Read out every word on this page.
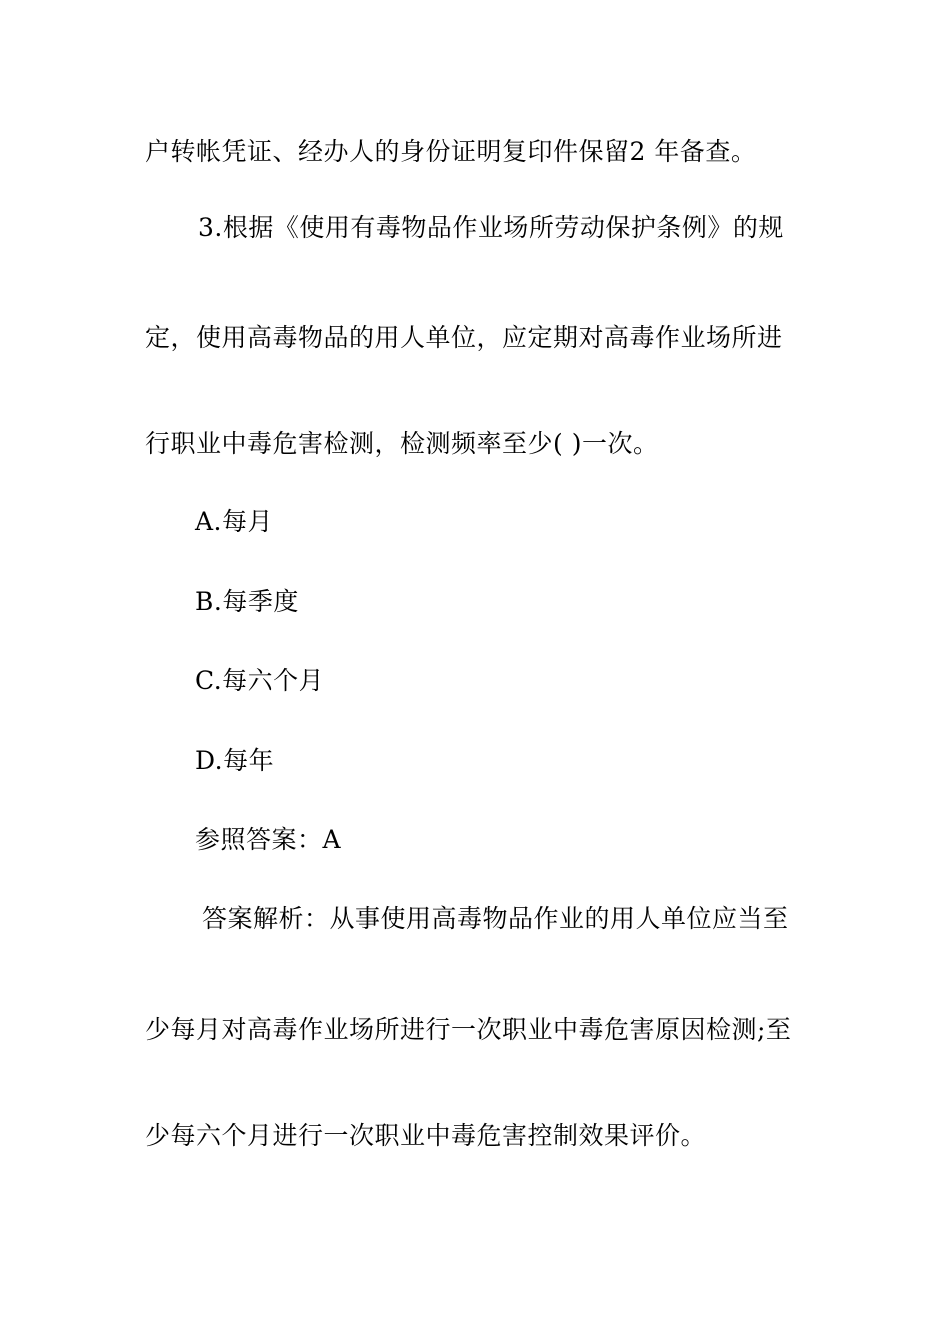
户转帐凭证、经办人的身份证明复印件保留2 年备查。
3.根据《使用有毒物品作业场所劳动保护条例》的规
定，使用高毒物品的用人单位，应定期对高毒作业场所进
行职业中毒危害检测，检测频率至少( )一次。
A.每月
B.每季度
C.每六个月
D.每年
参照答案：A
答案解析：从事使用高毒物品作业的用人单位应当至
少每月对高毒作业场所进行一次职业中毒危害原因检测;至
少每六个月进行一次职业中毒危害控制效果评价。
